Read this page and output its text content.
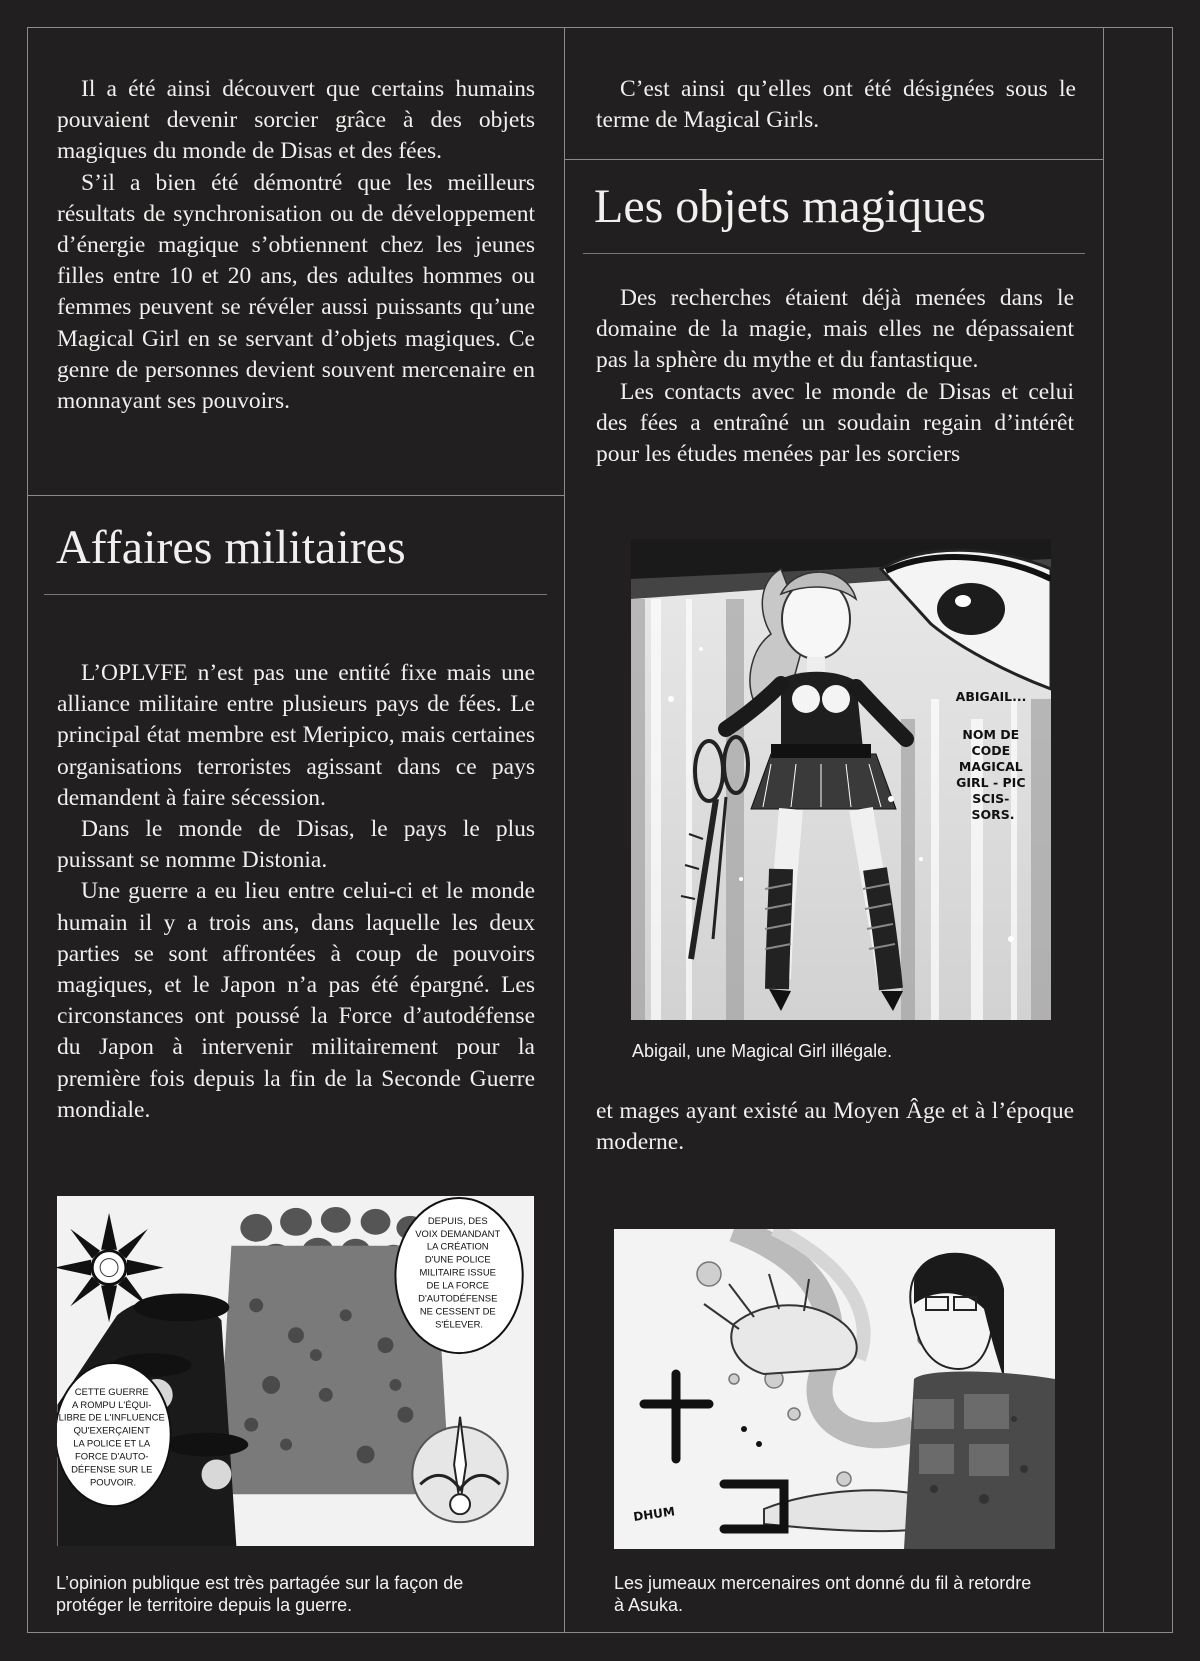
Il a été ainsi découvert que certains humains pouvaient devenir sorcier grâce à des objets magiques du monde de Disas et des fées.

S’il a bien été démontré que les meilleurs résultats de synchronisation ou de développement d’énergie magique s’obtiennent chez les jeunes filles entre 10 et 20 ans, des adultes hommes ou femmes peuvent se révéler aussi puissants qu’une Magical Girl en se servant d’objets magiques. Ce genre de personnes devient souvent mercenaire en monnayant ses pouvoirs.

Affaires militaires

L’OPLVFE n’est pas une entité fixe mais une alliance militaire entre plusieurs pays de fées. Le principal état membre est Meripico, mais certaines organisations terroristes agissant dans ce pays demandent à faire sécession.

Dans le monde de Disas, le pays le plus puissant se nomme Distonia.

Une guerre a eu lieu entre celui-ci et le monde humain il y a trois ans, dans laquelle les deux parties se sont affrontées à coup de pouvoirs magiques, et le Japon n’a pas été épargné. Les circonstances ont poussé la Force d’autodéfense du Japon à intervenir militairement pour la première fois depuis la fin de la Seconde Guerre mondiale.

DEPUIS, DES VOIX DEMANDANT LA CRÉATION D'UNE POLICE MILITAIRE ISSUE DE LA FORCE D'AUTODÉFENSE NE CESSENT DE S'ÉLEVER.
CETTE GUERRE A ROMPU L'ÉQUI- LIBRE DE L'INFLUENCE QU'EXERÇAIENT LA POLICE ET LA FORCE D'AUTO- DÉFENSE SUR LE POUVOIR.
L’opinion publique est très partagée sur la façon de protéger le territoire depuis la guerre.

C’est ainsi qu’elles ont été désignées sous le terme de Magical Girls.

Les objets magiques

Des recherches étaient déjà menées dans le domaine de la magie, mais elles ne dépassaient pas la sphère du mythe et du fantastique.

Les contacts avec le monde de Disas et celui des fées a entraîné un soudain regain d’intérêt pour les études menées par les sorciers

ABIGAIL...
NOM DE CODE MAGICAL GIRL - PIC SCIS- SORS.
Abigail, une Magical Girl illégale.

et mages ayant existé au Moyen Âge et à l’époque moderne.

DHUM
Les jumeaux mercenaires ont donné du fil à retordre à Asuka.
